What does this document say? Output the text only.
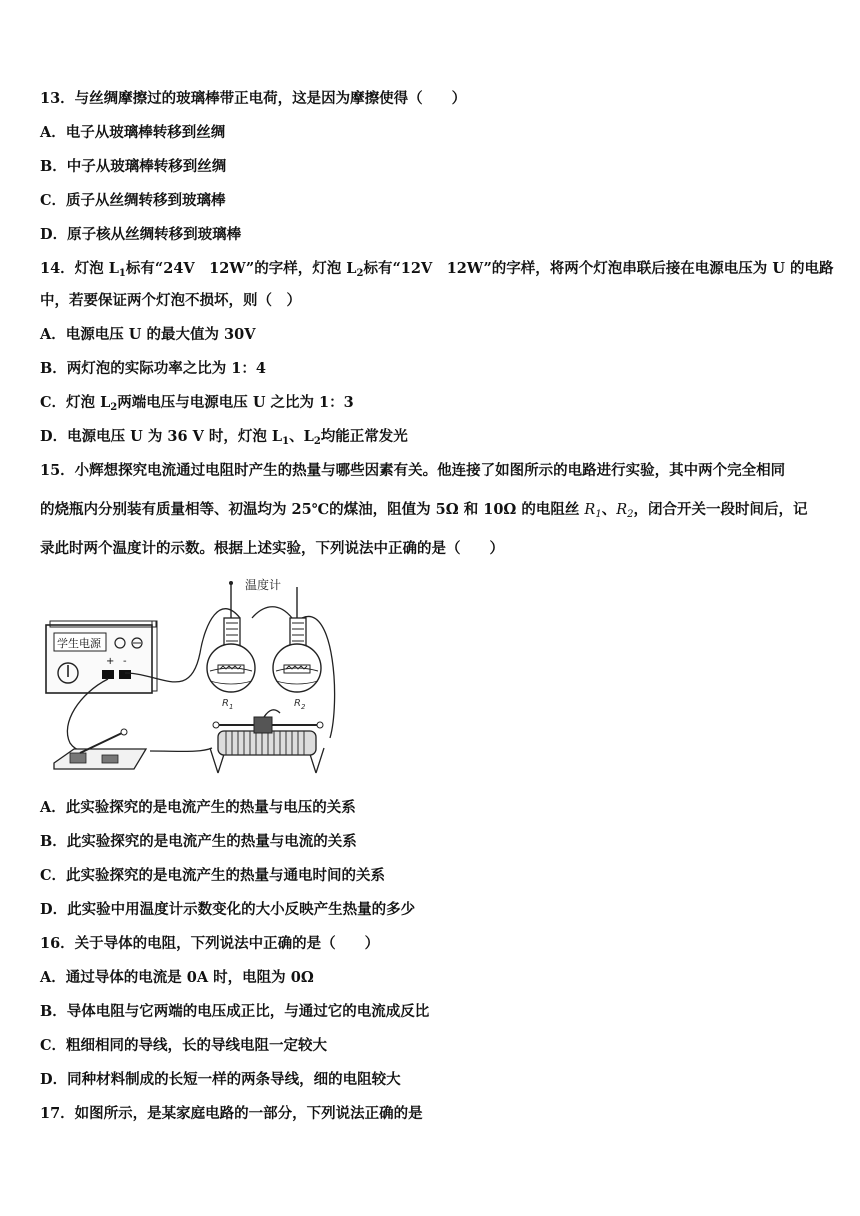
13．与丝绸摩擦过的玻璃棒带正电荷，这是因为摩擦使得（　　）
A．电子从玻璃棒转移到丝绸
B．中子从玻璃棒转移到丝绸
C．质子从丝绸转移到玻璃棒
D．原子核从丝绸转移到玻璃棒
14．灯泡 $L_1$标有“24V　12W”的字样，灯泡 $L_2$标有“12V　12W”的字样，将两个灯泡串联后接在电源电压为 U 的电路
中，若要保证两个灯泡不损坏，则（　）
A．电源电压 U 的最大值为 30V
B．两灯泡的实际功率之比为 1：4
C．灯泡 $L_2$两端电压与电源电压 U 之比为 1：3
D．电源电压 U 为 36 V 时，灯泡 $L_1$、$L_2$均能正常发光
15．小辉想探究电流通过电阻时产生的热量与哪些因素有关。他连接了如图所示的电路进行实验，其中两个完全相同
的烧瓶内分别装有质量相等、初温均为 25℃的煤油，阻值为 5Ω 和 10Ω 的电阻丝 $R_1$、$R_2$，闭合开关一段时间后，记
录此时两个温度计的示数。根据上述实验，下列说法中正确的是（　　）
温度计
学生电源
+ -
$R_1$	$R_2$
A．此实验探究的是电流产生的热量与电压的关系
B．此实验探究的是电流产生的热量与电流的关系
C．此实验探究的是电流产生的热量与通电时间的关系
D．此实验中用温度计示数变化的大小反映产生热量的多少
16．关于导体的电阻，下列说法中正确的是（　　）
A．通过导体的电流是 0A 时，电阻为 0Ω
B．导体电阻与它两端的电压成正比，与通过它的电流成反比
C．粗细相同的导线，长的导线电阻一定较大
D．同种材料制成的长短一样的两条导线，细的电阻较大
17．如图所示，是某家庭电路的一部分，下列说法正确的是
